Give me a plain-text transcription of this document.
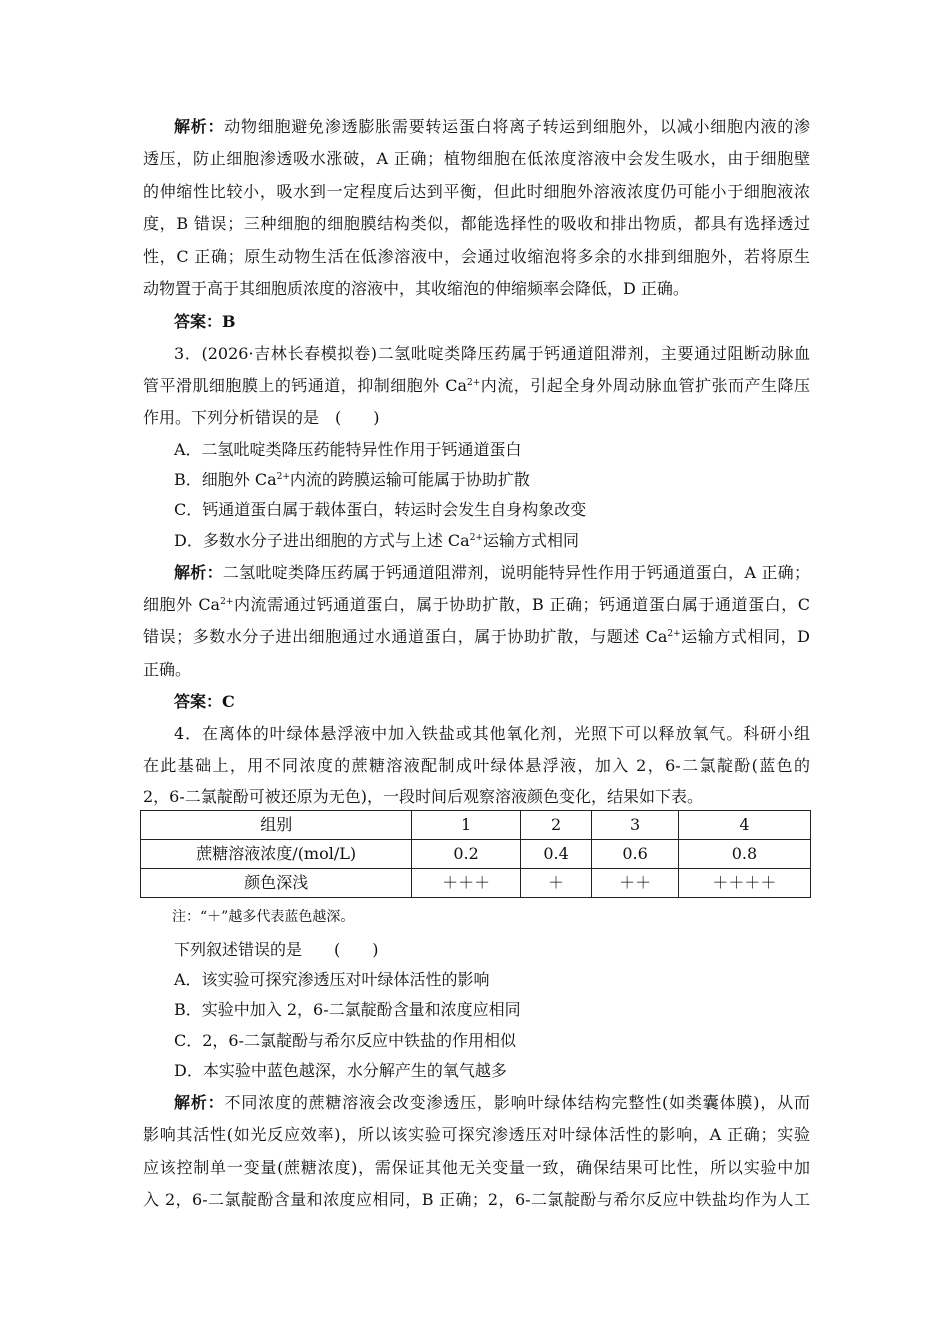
解析：动物细胞避免渗透膨胀需要转运蛋白将离子转运到细胞外，以减小细胞内液的渗
透压，防止细胞渗透吸水涨破，A 正确；植物细胞在低浓度溶液中会发生吸水，由于细胞壁
的伸缩性比较小，吸水到一定程度后达到平衡，但此时细胞外溶液浓度仍可能小于细胞液浓
度，B 错误；三种细胞的细胞膜结构类似，都能选择性的吸收和排出物质，都具有选择透过
性，C 正确；原生动物生活在低渗溶液中，会通过收缩泡将多余的水排到细胞外，若将原生
动物置于高于其细胞质浓度的溶液中，其收缩泡的伸缩频率会降低，D 正确。
答案：B
3．(2026·吉林长春模拟卷)二氢吡啶类降压药属于钙通道阻滞剂，主要通过阻断动脉血
管平滑肌细胞膜上的钙通道，抑制细胞外 $Ca^{2+}$内流，引起全身外周动脉血管扩张而产生降压
作用。下列分析错误的是　(　　)
A．二氢吡啶类降压药能特异性作用于钙通道蛋白
B．细胞外 $Ca^{2+}$内流的跨膜运输可能属于协助扩散
C．钙通道蛋白属于载体蛋白，转运时会发生自身构象改变
D．多数水分子进出细胞的方式与上述 $Ca^{2+}$运输方式相同
解析：二氢吡啶类降压药属于钙通道阻滞剂，说明能特异性作用于钙通道蛋白，A 正确；
细胞外 $Ca^{2+}$内流需通过钙通道蛋白，属于协助扩散，B 正确；钙通道蛋白属于通道蛋白，C
错误；多数水分子进出细胞通过水通道蛋白，属于协助扩散，与题述 $Ca^{2+}$运输方式相同，D
正确。
答案：C
4．在离体的叶绿体悬浮液中加入铁盐或其他氧化剂，光照下可以释放氧气。科研小组
在此基础上，用不同浓度的蔗糖溶液配制成叶绿体悬浮液，加入 2，6-二氯靛酚(蓝色的
2，6-二氯靛酚可被还原为无色)，一段时间后观察溶液颜色变化，结果如下表。
组别	1	2	3	4
蔗糖溶液浓度/(mol/L)	0.2	0.4	0.6	0.8
颜色深浅	＋＋＋	＋	＋＋	＋＋＋＋
注：“＋”越多代表蓝色越深。
下列叙述错误的是　　(　　)
A．该实验可探究渗透压对叶绿体活性的影响
B．实验中加入 2，6-二氯靛酚含量和浓度应相同
C．2，6-二氯靛酚与希尔反应中铁盐的作用相似
D．本实验中蓝色越深，水分解产生的氧气越多
解析：不同浓度的蔗糖溶液会改变渗透压，影响叶绿体结构完整性(如类囊体膜)，从而
影响其活性(如光反应效率)，所以该实验可探究渗透压对叶绿体活性的影响，A 正确；实验
应该控制单一变量(蔗糖浓度)，需保证其他无关变量一致，确保结果可比性，所以实验中加
入 2，6-二氯靛酚含量和浓度应相同，B 正确；2，6-二氯靛酚与希尔反应中铁盐均作为人工
